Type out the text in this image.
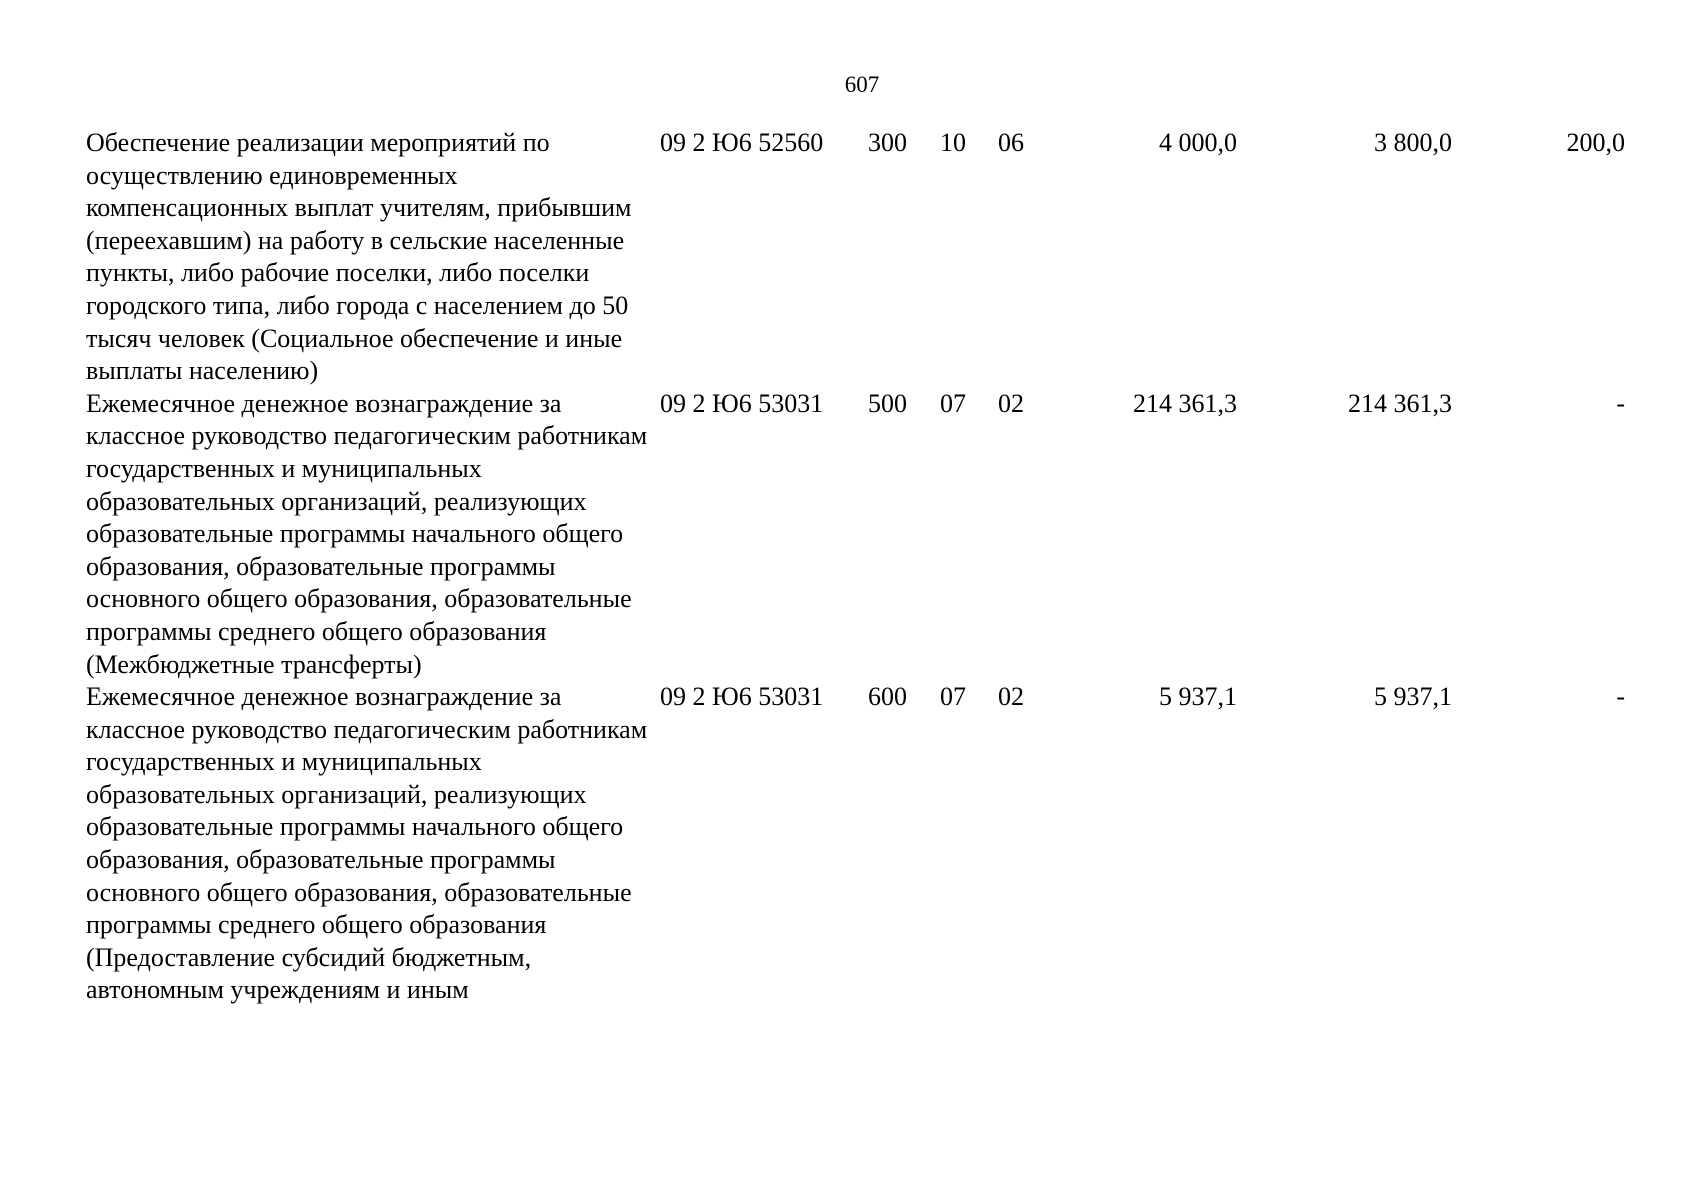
607
Обеспечение реализации мероприятий по осуществлению единовременных компенсационных выплат учителям, прибывшим (переехавшим) на работу в сельские населенные пункты, либо рабочие поселки, либо поселки городского типа, либо города с населением до 50 тысяч человек (Социальное обеспечение и иные выплаты населению)
09 2 Ю6 52560	300	10	06	4 000,0	3 800,0	200,0
Ежемесячное денежное вознаграждение за классное руководство педагогическим работникам государственных и муниципальных образовательных организаций, реализующих образовательные программы начального общего образования, образовательные программы основного общего образования, образовательные программы среднего общего образования (Межбюджетные трансферты)
09 2 Ю6 53031	500	07	02	214 361,3	214 361,3	-
Ежемесячное денежное вознаграждение за классное руководство педагогическим работникам государственных и муниципальных образовательных организаций, реализующих образовательные программы начального общего образования, образовательные программы основного общего образования, образовательные программы среднего общего образования (Предоставление субсидий бюджетным, автономным учреждениям и иным
09 2 Ю6 53031	600	07	02	5 937,1	5 937,1	-
